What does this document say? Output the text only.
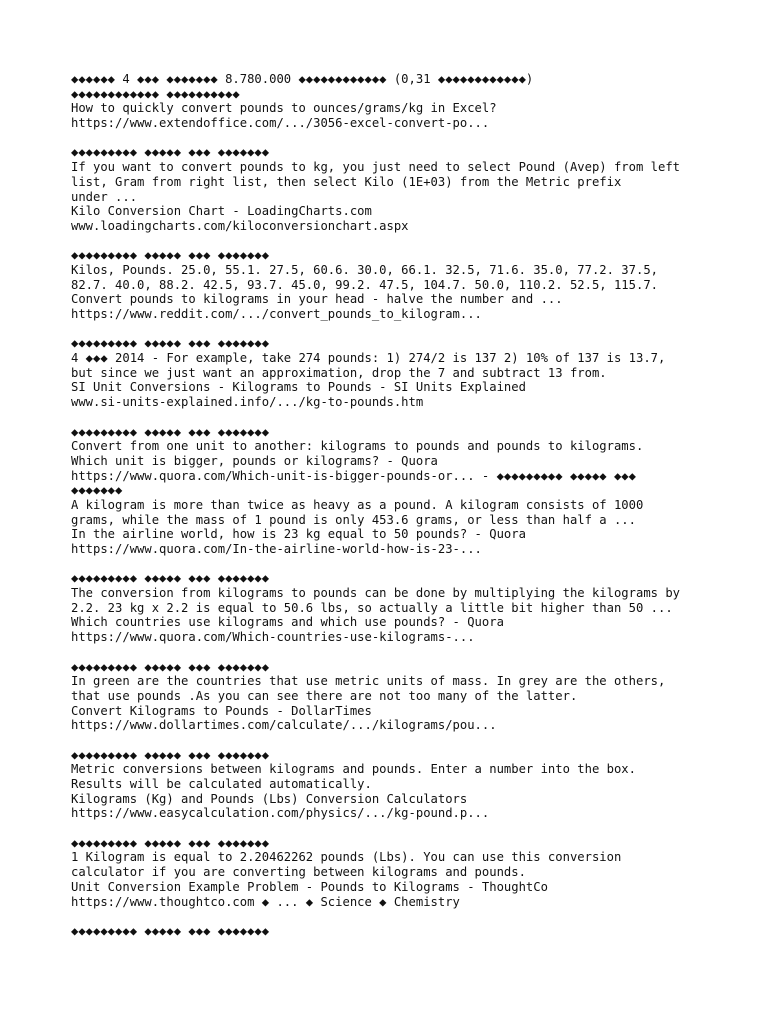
◆◆◆◆◆◆ 4 ◆◆◆ ◆◆◆◆◆◆◆ 8.780.000 ◆◆◆◆◆◆◆◆◆◆◆◆ (0,31 ◆◆◆◆◆◆◆◆◆◆◆◆)
◆◆◆◆◆◆◆◆◆◆◆◆ ◆◆◆◆◆◆◆◆◆◆
How to quickly convert pounds to ounces/grams/kg in Excel?
https://www.extendoffice.com/.../3056-excel-convert-po...
◆◆◆◆◆◆◆◆◆ ◆◆◆◆◆ ◆◆◆ ◆◆◆◆◆◆◆
If you want to convert pounds to kg, you just need to select Pound (Avep) from left
list, Gram from right list, then select Kilo (1E+03) from the Metric prefix
under ...
Kilo Conversion Chart - LoadingCharts.com
www.loadingcharts.com/kiloconversionchart.aspx
◆◆◆◆◆◆◆◆◆ ◆◆◆◆◆ ◆◆◆ ◆◆◆◆◆◆◆
Kilos, Pounds. 25.0, 55.1. 27.5, 60.6. 30.0, 66.1. 32.5, 71.6. 35.0, 77.2. 37.5,
82.7. 40.0, 88.2. 42.5, 93.7. 45.0, 99.2. 47.5, 104.7. 50.0, 110.2. 52.5, 115.7.
Convert pounds to kilograms in your head - halve the number and ...
https://www.reddit.com/.../convert_pounds_to_kilogram...
◆◆◆◆◆◆◆◆◆ ◆◆◆◆◆ ◆◆◆ ◆◆◆◆◆◆◆
4 ◆◆◆ 2014 - For example, take 274 pounds: 1) 274/2 is 137 2) 10% of 137 is 13.7,
but since we just want an approximation, drop the 7 and subtract 13 from.
SI Unit Conversions - Kilograms to Pounds - SI Units Explained
www.si-units-explained.info/.../kg-to-pounds.htm
◆◆◆◆◆◆◆◆◆ ◆◆◆◆◆ ◆◆◆ ◆◆◆◆◆◆◆
Convert from one unit to another: kilograms to pounds and pounds to kilograms.
Which unit is bigger, pounds or kilograms? - Quora
https://www.quora.com/Which-unit-is-bigger-pounds-or... - ◆◆◆◆◆◆◆◆◆ ◆◆◆◆◆ ◆◆◆
◆◆◆◆◆◆◆
A kilogram is more than twice as heavy as a pound. A kilogram consists of 1000
grams, while the mass of 1 pound is only 453.6 grams, or less than half a ...
In the airline world, how is 23 kg equal to 50 pounds? - Quora
https://www.quora.com/In-the-airline-world-how-is-23-...
◆◆◆◆◆◆◆◆◆ ◆◆◆◆◆ ◆◆◆ ◆◆◆◆◆◆◆
The conversion from kilograms to pounds can be done by multiplying the kilograms by
2.2. 23 kg x 2.2 is equal to 50.6 lbs, so actually a little bit higher than 50 ...
Which countries use kilograms and which use pounds? - Quora
https://www.quora.com/Which-countries-use-kilograms-...
◆◆◆◆◆◆◆◆◆ ◆◆◆◆◆ ◆◆◆ ◆◆◆◆◆◆◆
In green are the countries that use metric units of mass. In grey are the others,
that use pounds .As you can see there are not too many of the latter.
Convert Kilograms to Pounds - DollarTimes
https://www.dollartimes.com/calculate/.../kilograms/pou...
◆◆◆◆◆◆◆◆◆ ◆◆◆◆◆ ◆◆◆ ◆◆◆◆◆◆◆
Metric conversions between kilograms and pounds. Enter a number into the box.
Results will be calculated automatically.
Kilograms (Kg) and Pounds (Lbs) Conversion Calculators
https://www.easycalculation.com/physics/.../kg-pound.p...
◆◆◆◆◆◆◆◆◆ ◆◆◆◆◆ ◆◆◆ ◆◆◆◆◆◆◆
1 Kilogram is equal to 2.20462262 pounds (Lbs). You can use this conversion
calculator if you are converting between kilograms and pounds.
Unit Conversion Example Problem - Pounds to Kilograms - ThoughtCo
https://www.thoughtco.com ◆ ... ◆ Science ◆ Chemistry
◆◆◆◆◆◆◆◆◆ ◆◆◆◆◆ ◆◆◆ ◆◆◆◆◆◆◆
